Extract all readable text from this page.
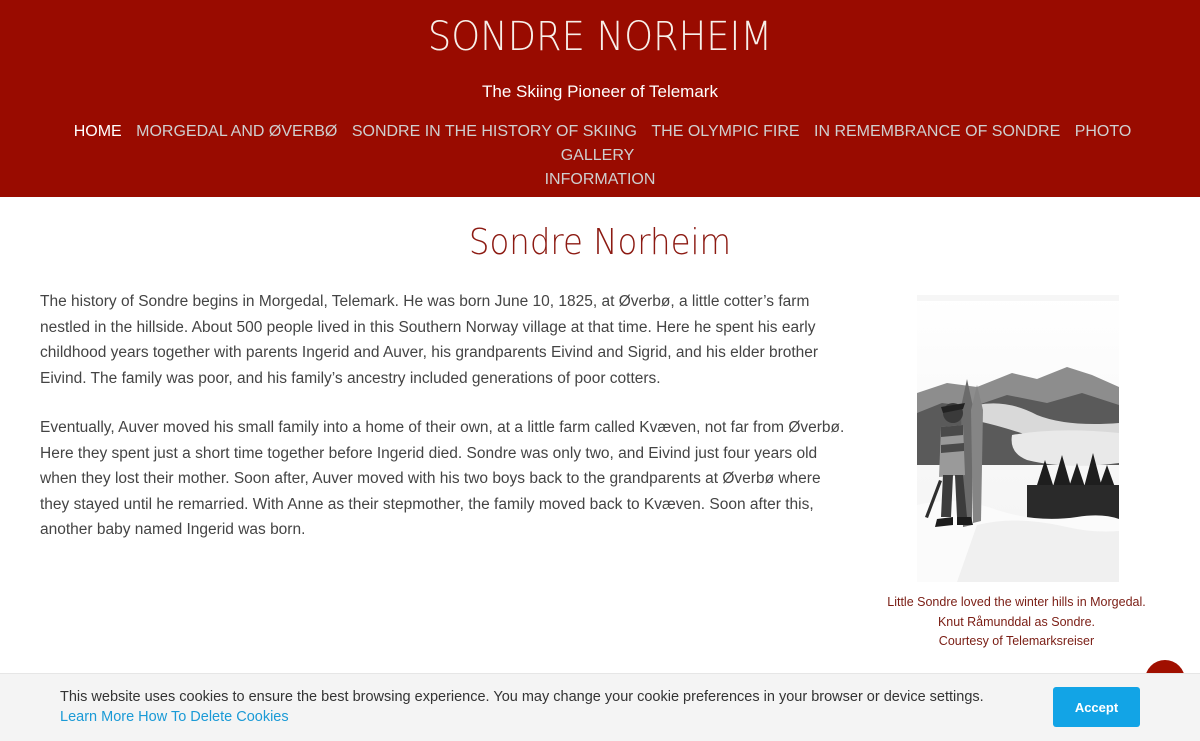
SONDRE NORHEIM

The Skiing Pioneer of Telemark

HOME MORGEDAL AND ØVERBØ SONDRE IN THE HISTORY OF SKIING THE OLYMPIC FIRE IN REMEMBRANCE OF SONDRE PHOTO GALLERY
INFORMATION
Sondre Norheim

The history of Sondre begins in Morgedal, Telemark. He was born June 10, 1825, at Øverbø, a little cotter’s farm nestled in the hillside. About 500 people lived in this Southern Norway village at that time. Here he spent his early childhood years together with parents Ingerid and Auver, his grandparents Eivind and Sigrid, and his elder brother Eivind. The family was poor, and his family’s ancestry included generations of poor cotters.

Eventually, Auver moved his small family into a home of their own, at a little farm called Kvæven, not far from Øverbø. Here they spent just a short time together before Ingerid died. Sondre was only two, and Eivind just four years old when they lost their mother. Soon after, Auver moved with his two boys back to the grandparents at Øverbø where they stayed until he remarried. With Anne as their stepmother, the family moved back to Kvæven. Soon after this, another baby named Ingerid was born.

Little Sondre loved the winter hills in Morgedal.
Knut Råmunddal as Sondre.
Courtesy of Telemarksreiser
This website uses cookies to ensure the best browsing experience. You may change your cookie preferences in your browser or device settings. Learn More How To Delete Cookies
Accept
